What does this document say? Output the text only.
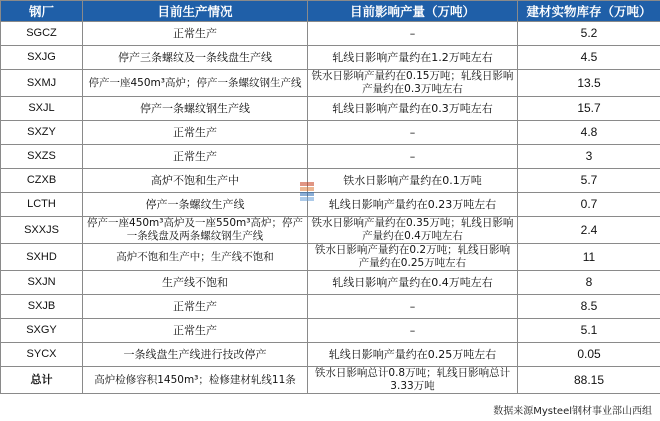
钢厂	目前生产情况	目前影响产量（万吨）	建材实物库存（万吨）
SGCZ	正常生产	–	5.2
SXJG	停产三条螺纹及一条线盘生产线	轧线日影响产量约在1.2万吨左右	4.5
SXMJ	停产一座450m³高炉；停产一条螺纹钢生产线	铁水日影响产量约在0.15万吨；轧线日影响产量约在0.3万吨左右	13.5
SXJL	停产一条螺纹钢生产线	轧线日影响产量约在0.3万吨左右	15.7
SXZY	正常生产	–	4.8
SXZS	正常生产	–	3
CZXB	高炉不饱和生产中	铁水日影响产量约在0.1万吨	5.7
LCTH	停产一条螺纹生产线	轧线日影响产量约在0.23万吨左右	0.7
SXXJS	停产一座450m³高炉及一座550m³高炉；停产一条线盘及两条螺纹钢生产线	铁水日影响产量约在0.35万吨；轧线日影响产量约在0.4万吨左右	2.4
SXHD	高炉不饱和生产中；生产线不饱和	铁水日影响产量约在0.2万吨；轧线日影响产量约在0.25万吨左右	11
SXJN	生产线不饱和	轧线日影响产量约在0.4万吨左右	8
SXJB	正常生产	–	8.5
SXGY	正常生产	–	5.1
SYCX	一条线盘生产线进行技改停产	轧线日影响产量约在0.25万吨左右	0.05
总计	高炉检修容积1450m³；检修建材轧线11条	铁水日影响总计0.8万吨；轧线日影响总计3.33万吨	88.15
数据来源Mysteel钢材事业部山西组
